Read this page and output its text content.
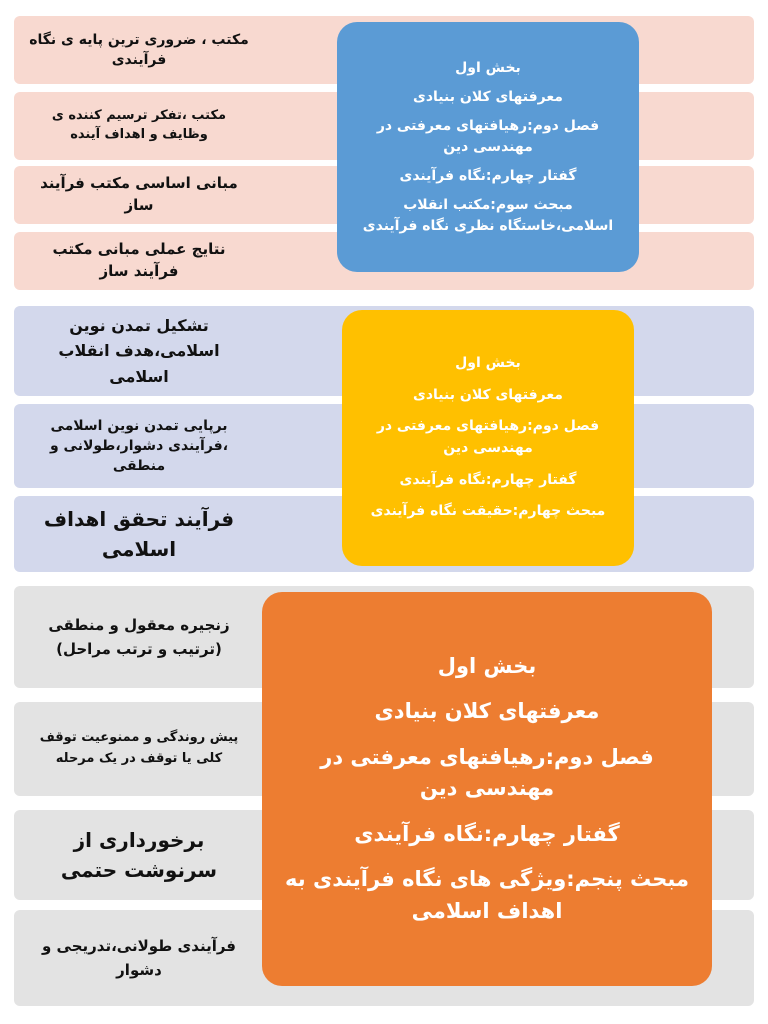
مکتب ، ضروری ترین پایه ی نگاه فرآیندی
مکتب ،تفکر ترسیم کننده ی وظایف و اهداف آینده
مبانی اساسی مکتب فرآیند ساز
نتایج عملی مبانی مکتب فرآیند ساز

بخش اول

معرفتهای کلان بنیادی

فصل دوم:رهیافتهای معرفتی در مهندسی دین

گفتار چهارم:نگاه فرآیندی

مبحث سوم:مکتب انقلاب اسلامی،خاستگاه نظری نگاه فرآیندی

تشکیل تمدن نوین اسلامی،هدف انقلاب اسلامی
برپایی تمدن نوین اسلامی ،فرآیندی دشوار،طولانی و منطقی
فرآیند تحقق اهداف اسلامی

بخش اول

معرفتهای کلان بنیادی

فصل دوم:رهیافتهای معرفتی در مهندسی دین

گفتار چهارم:نگاه فرآیندی

مبحث چهارم:حقیقت نگاه فرآیندی

زنجیره معقول و منطقی (ترتیب و ترتب مراحل)
پیش روندگی و ممنوعیت توقف کلی یا توقف در یک مرحله
برخورداری از سرنوشت حتمی
فرآیندی طولانی،تدریجی و دشوار

بخش اول

معرفتهای کلان بنیادی

فصل دوم:رهیافتهای معرفتی در مهندسی دین

گفتار چهارم:نگاه فرآیندی

مبحث پنجم:ویژگی های نگاه فرآیندی به اهداف اسلامی
